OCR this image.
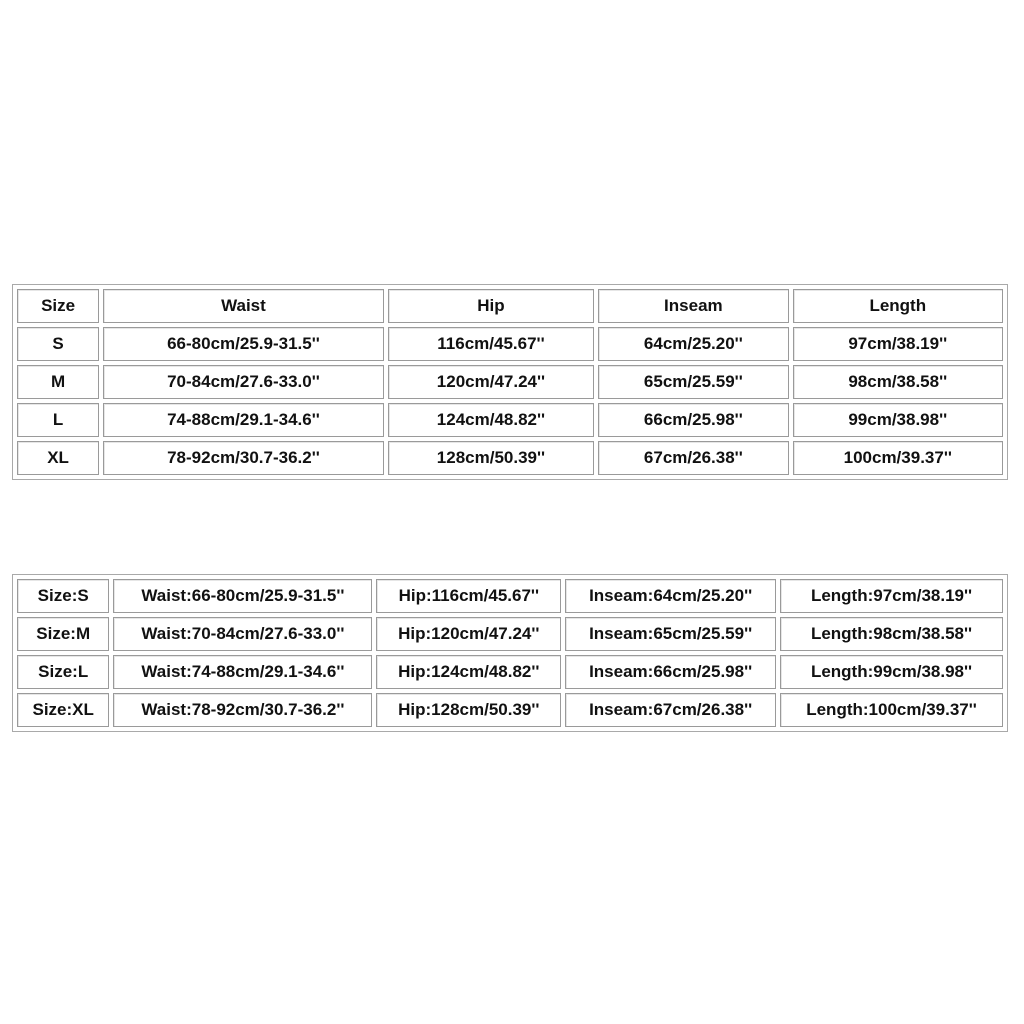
Size	Waist	Hip	Inseam	Length
S	66-80cm/25.9-31.5''	116cm/45.67''	64cm/25.20''	97cm/38.19''
M	70-84cm/27.6-33.0''	120cm/47.24''	65cm/25.59''	98cm/38.58''
L	74-88cm/29.1-34.6''	124cm/48.82''	66cm/25.98''	99cm/38.98''
XL	78-92cm/30.7-36.2''	128cm/50.39''	67cm/26.38''	100cm/39.37''
Size:S	Waist:66-80cm/25.9-31.5''	Hip:116cm/45.67''	Inseam:64cm/25.20''	Length:97cm/38.19''
Size:M	Waist:70-84cm/27.6-33.0''	Hip:120cm/47.24''	Inseam:65cm/25.59''	Length:98cm/38.58''
Size:L	Waist:74-88cm/29.1-34.6''	Hip:124cm/48.82''	Inseam:66cm/25.98''	Length:99cm/38.98''
Size:XL	Waist:78-92cm/30.7-36.2''	Hip:128cm/50.39''	Inseam:67cm/26.38''	Length:100cm/39.37''
